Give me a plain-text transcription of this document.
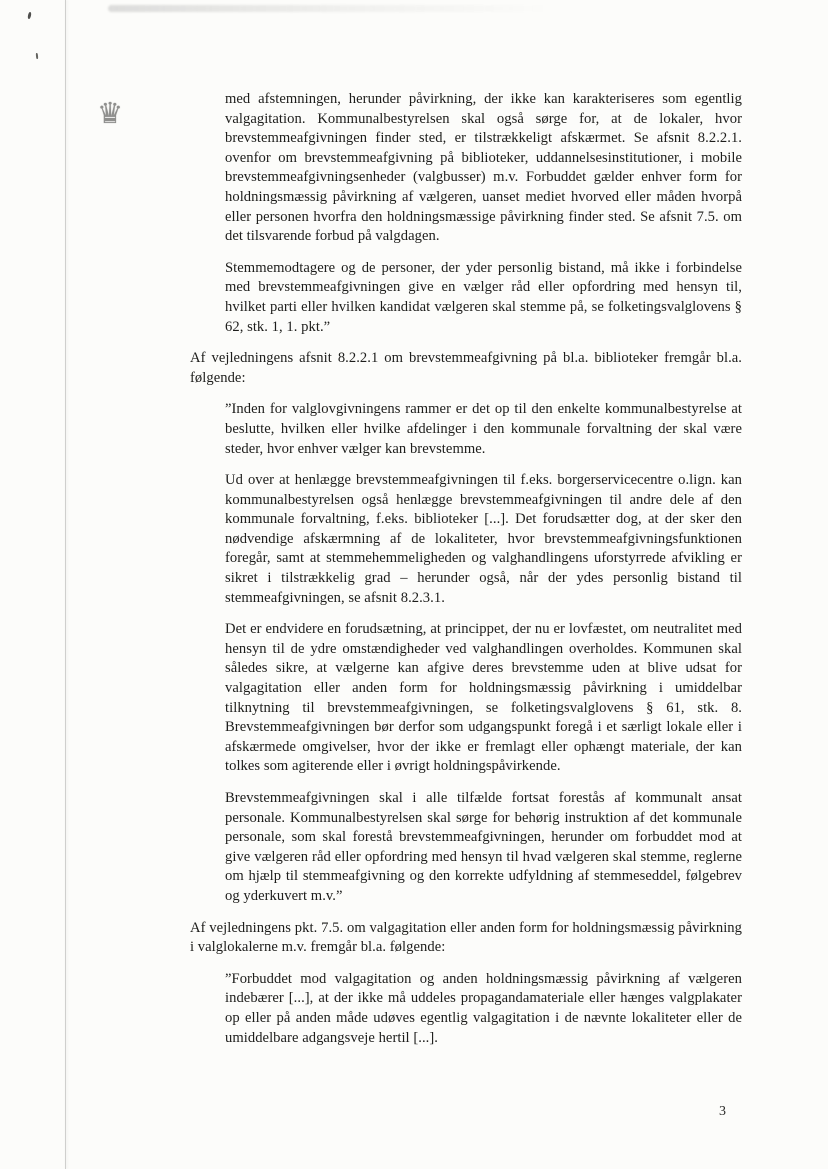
♛	med afstemningen, herunder påvirkning, der ikke kan karakteriseres som egentlig valgagitation. Kommunalbestyrelsen skal også sørge for, at de lokaler, hvor brevstemmeafgivningen finder sted, er tilstrækkeligt afskærmet. Se afsnit 8.2.2.1. ovenfor om brevstemmeafgivning på biblioteker, uddannelsesinstitutioner, i mobile brevstemmeafgivningsenheder (valgbusser) m.v. Forbuddet gælder enhver form for holdningsmæssig påvirkning af vælgeren, uanset mediet hvorved eller måden hvorpå eller personen hvorfra den holdningsmæssige påvirkning finder sted. Se afsnit 7.5. om det tilsvarende forbud på valgdagen.

Stemmemodtagere og de personer, der yder personlig bistand, må ikke i forbindelse med brevstemmeafgivningen give en vælger råd eller opfordring med hensyn til, hvilket parti eller hvilken kandidat vælgeren skal stemme på, se folketingsvalglovens § 62, stk. 1, 1. pkt.”

Af vejledningens afsnit 8.2.2.1 om brevstemmeafgivning på bl.a. biblioteker fremgår bl.a. følgende:

”Inden for valglovgivningens rammer er det op til den enkelte kommunalbestyrelse at beslutte, hvilken eller hvilke afdelinger i den kommunale forvaltning der skal være steder, hvor enhver vælger kan brevstemme.

Ud over at henlægge brevstemmeafgivningen til f.eks. borgerservicecentre o.lign. kan kommunalbestyrelsen også henlægge brevstemmeafgivningen til andre dele af den kommunale forvaltning, f.eks. biblioteker [...]. Det forudsætter dog, at der sker den nødvendige afskærmning af de lokaliteter, hvor brevstemmeafgivningsfunktionen foregår, samt at stemmehemmeligheden og valghandlingens uforstyrrede afvikling er sikret i tilstrækkelig grad – herunder også, når der ydes personlig bistand til stemmeafgivningen, se afsnit 8.2.3.1.

Det er endvidere en forudsætning, at princippet, der nu er lovfæstet, om neutralitet med hensyn til de ydre omstændigheder ved valghandlingen overholdes. Kommunen skal således sikre, at vælgerne kan afgive deres brevstemme uden at blive udsat for valgagitation eller anden form for holdningsmæssig påvirkning i umiddelbar tilknytning til brevstemmeafgivningen, se folketingsvalglovens § 61, stk. 8. Brevstemmeafgivningen bør derfor som udgangspunkt foregå i et særligt lokale eller i afskærmede omgivelser, hvor der ikke er fremlagt eller ophængt materiale, der kan tolkes som agiterende eller i øvrigt holdningspåvirkende.

Brevstemmeafgivningen skal i alle tilfælde fortsat forestås af kommunalt ansat personale. Kommunalbestyrelsen skal sørge for behørig instruktion af det kommunale personale, som skal forestå brevstemmeafgivningen, herunder om forbuddet mod at give vælgeren råd eller opfordring med hensyn til hvad vælgeren skal stemme, reglerne om hjælp til stemmeafgivning og den korrekte udfyldning af stemmeseddel, følgebrev og yderkuvert m.v.”

Af vejledningens pkt. 7.5. om valgagitation eller anden form for holdningsmæssig påvirkning i valglokalerne m.v. fremgår bl.a. følgende:

”Forbuddet mod valgagitation og anden holdningsmæssig påvirkning af vælgeren indebærer [...], at der ikke må uddeles propagandamateriale eller hænges valgplakater op eller på anden måde udøves egentlig valgagitation i de nævnte lokaliteter eller de umiddelbare adgangsveje hertil [...].

3
